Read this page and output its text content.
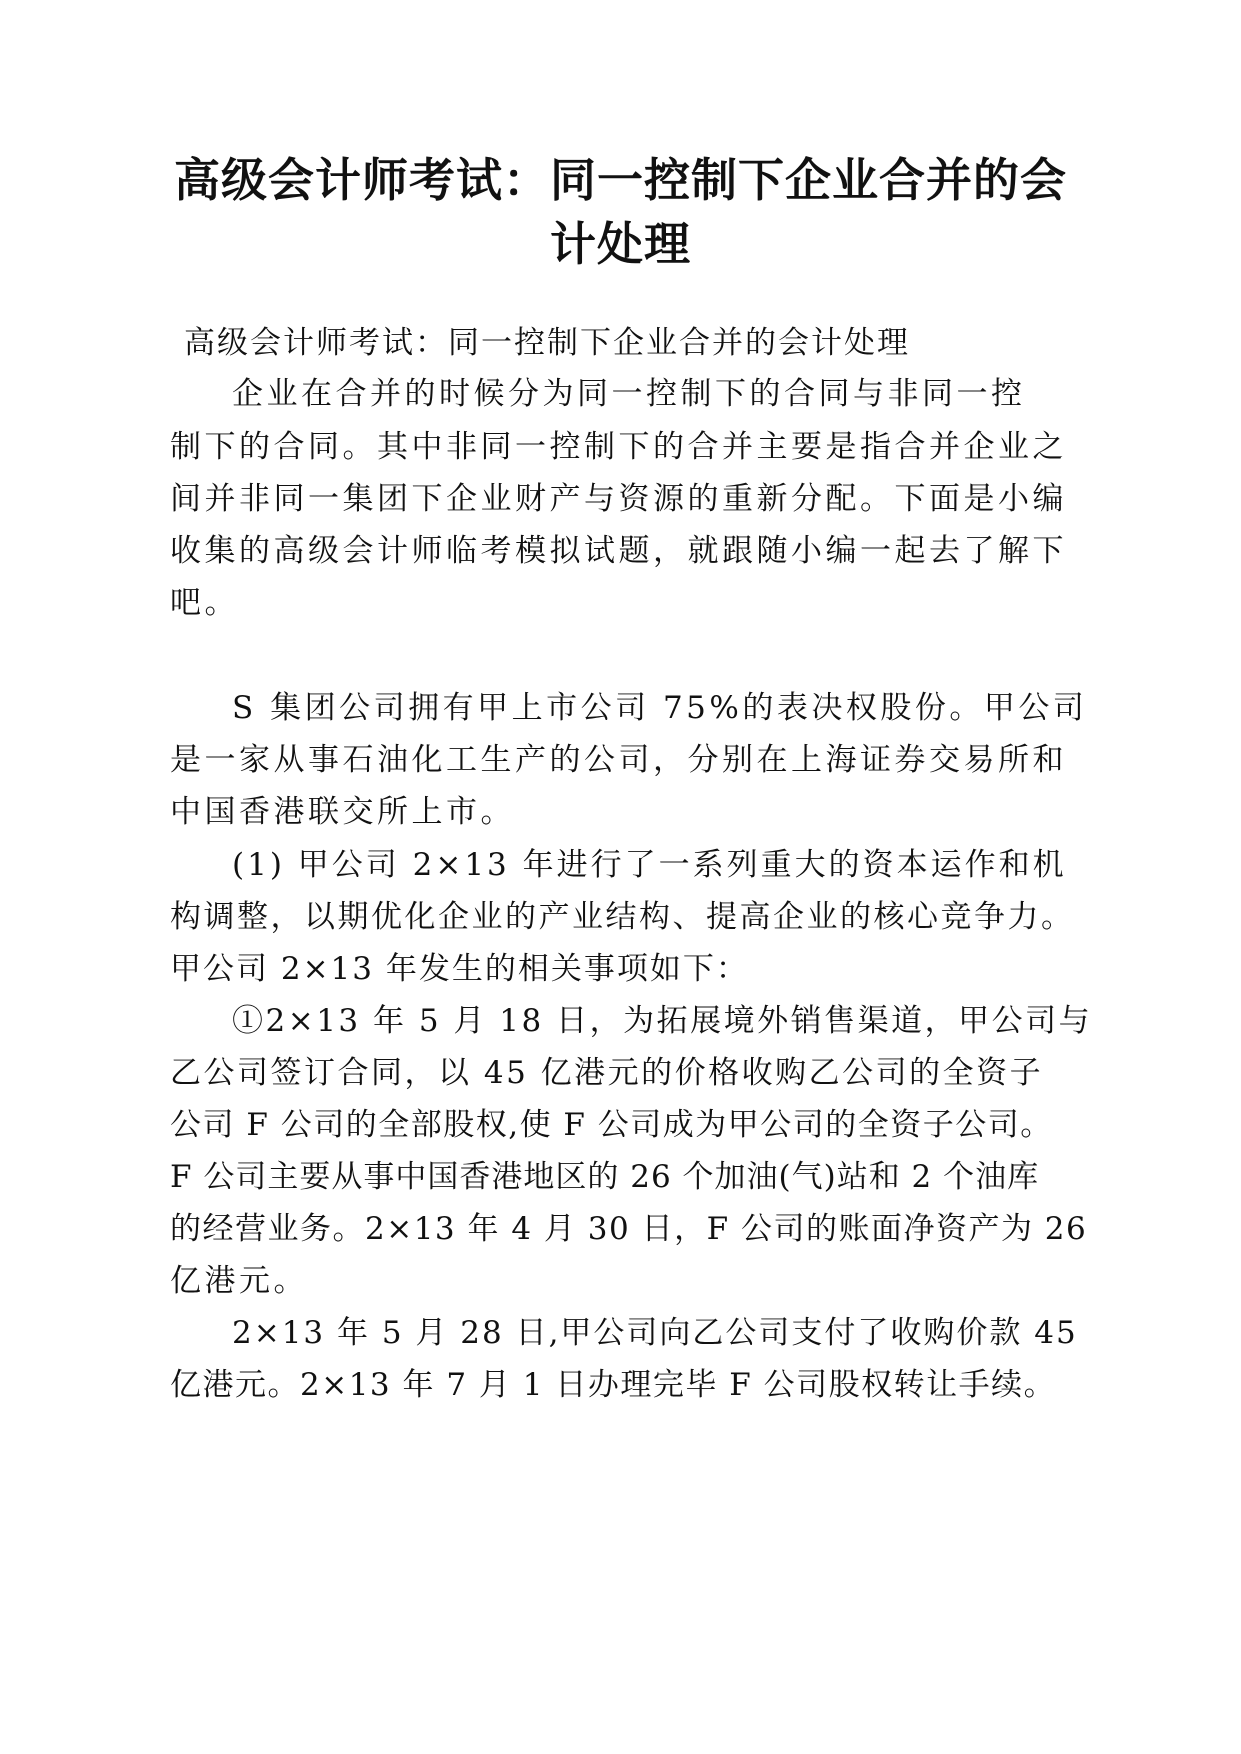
高级会计师考试：同一控制下企业合并的会
计处理
高级会计师考试：同一控制下企业合并的会计处理
企业在合并的时候分为同一控制下的合同与非同一控
制下的合同。其中非同一控制下的合并主要是指合并企业之
间并非同一集团下企业财产与资源的重新分配。下面是小编
收集的高级会计师临考模拟试题，就跟随小编一起去了解下
吧。
S 集团公司拥有甲上市公司 75%的表决权股份。甲公司
是一家从事石油化工生产的公司，分别在上海证券交易所和
中国香港联交所上市。
(1) 甲公司 2×13 年进行了一系列重大的资本运作和机
构调整，以期优化企业的产业结构、提高企业的核心竞争力。
甲公司 2×13 年发生的相关事项如下：
①2×13 年 5 月 18 日，为拓展境外销售渠道，甲公司与
乙公司签订合同，以 45 亿港元的价格收购乙公司的全资子
公司 F 公司的全部股权,使 F 公司成为甲公司的全资子公司。
F 公司主要从事中国香港地区的 26 个加油(气)站和 2 个油库
的经营业务。2×13 年 4 月 30 日，F 公司的账面净资产为 26
亿港元。
2×13 年 5 月 28 日,甲公司向乙公司支付了收购价款 45
亿港元。2×13 年 7 月 1 日办理完毕 F 公司股权转让手续。
